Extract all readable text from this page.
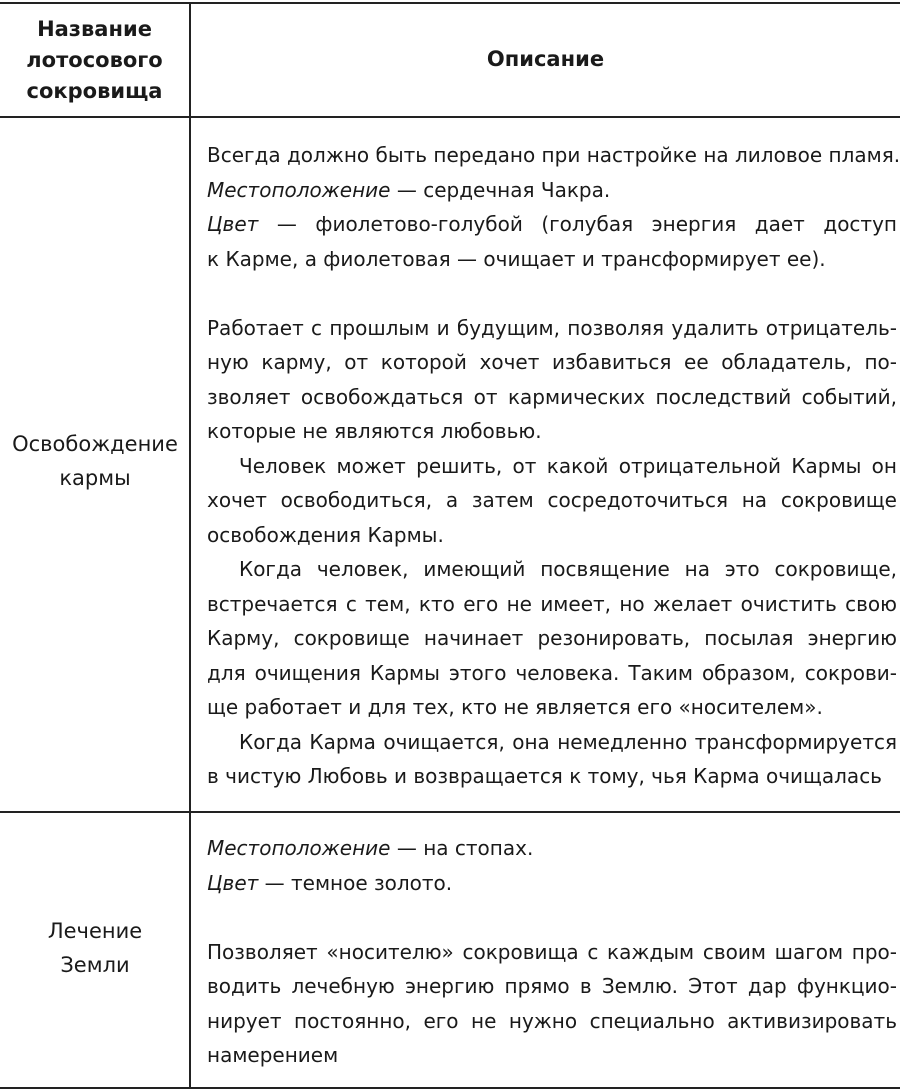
Название
лотосового
сокровища
Описание
Освобождение
кармы
Всегда должно быть передано при настройке на лиловое пламя.
Местоположение — сердечная Чакра.
Цвет — фиолетово-голубой (голубая энергия дает доступ
к Карме, а фиолетовая — очищает и трансформирует ее).

Работает с прошлым и будущим, позволяя удалить отрицатель-
ную карму, от которой хочет избавиться ее обладатель, по-
зволяет освобождаться от кармических последствий событий,
которые не являются любовью.
Человек может решить, от какой отрицательной Кармы он
хочет освободиться, а затем сосредоточиться на сокровище
освобождения Кармы.
Когда человек, имеющий посвящение на это сокровище,
встречается с тем, кто его не имеет, но желает очистить свою
Карму, сокровище начинает резонировать, посылая энергию
для очищения Кармы этого человека. Таким образом, сокрови-
ще работает и для тех, кто не является его «носителем».
Когда Карма очищается, она немедленно трансформируется
в чистую Любовь и возвращается к тому, чья Карма очищалась
Лечение
Земли
Местоположение — на стопах.
Цвет — темное золото.

Позволяет «носителю» сокровища с каждым своим шагом про-
водить лечебную энергию прямо в Землю. Этот дар функцио-
нирует постоянно, его не нужно специально активизировать
намерением
